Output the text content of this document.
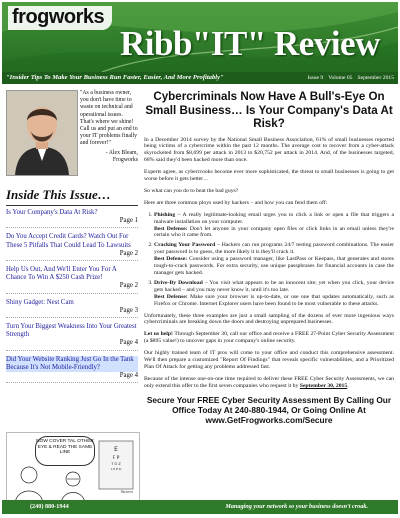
frogworks
Ribb"IT" Review
"Insider Tips To Make Your Business Run Faster, Easier, And More Profitably"	Issue 9 Volume 05 September 2015
"As a business owner, you don't have time to waste on technical and operational issues. That's where we shine! Call us and put an end to your IT problems finally and forever!"
- Alex Bleam,
Frogworks
Inside This Issue…
Is Your Company's Data At Risk?
Page 1
Do You Accept Credit Cards? Watch Out For These 5 Pitfalls That Could Lead To Lawsuits
Page 2
Help Us Out, And We'll Enter You For A Chance To Win A $250 Cash Prize!
Page 2
Shiny Gadget: Nest Cam
Page 3
Turn Your Biggest Weakness Into Your Greatest Strength
Page 4
Did Your Website Ranking Just Go In the Tank Because It's Not Mobile-Friendly?
Page 4
E
F P
T O Z
L P E D
NOW COVER TAL OTHER EYE & READ THE SAME LINE
Stivers
Cybercriminals Now Have A Bull's-Eye On Small Business… Is Your Company's Data At Risk?

In a December 2014 survey by the National Small Business Association, 61% of small businesses reported being victims of a cybercrime within the past 12 months. The average cost to recover from a cyber-attack skyrocketed from $8,699 per attack in 2013 to $20,752 per attack in 2014. And, of the businesses targeted, 68% said they'd been hacked more than once.

Experts agree, as cybercrooks become ever more sophisticated, the threat to small businesses is going to get worse before it gets better…

So what can you do to beat the bad guys?

Here are three common ploys used by hackers – and how you can fend them off:

1. Phishing – A really legitimate-looking email urges you to click a link or open a file that triggers a malware installation on your computer.
Best Defense: Don't let anyone in your company open files or click links in an email unless they're certain who it came from.
2. Cracking Your Password – Hackers can run programs 24/7 testing password combinations. The easier your password is to guess, the more likely it is they'll crack it.
Best Defense: Consider using a password manager, like LastPass or Keepass, that generates and stores tough-to-crack passwords. For extra security, use unique passphrases for financial accounts in case the manager gets hacked.
3. Drive-By Download – You visit what appears to be an innocent site; yet when you click, your device gets hacked – and you may never know it, until it's too late.
Best Defense: Make sure your browser is up-to-date, or use one that updates automatically, such as Firefox or Chrome. Internet Explorer users have been found to be most vulnerable to these attacks.

Unfortunately, these three examples are just a small sampling of the dozens of ever more ingenious ways cybercriminals are breaking down the doors and destroying unprepared businesses.

Let us help! Through September 30, call our office and receive a FREE 27-Point Cyber Security Assessment (a $895 value!) to uncover gaps in your company's online security.

Our highly trained team of IT pros will come to your office and conduct this comprehensive assessment. We'll then prepare a customized "Report Of Findings" that reveals specific vulnerabilities, and a Prioritized Plan Of Attack for getting any problems addressed fast.

Because of the intense one-on-one time required to deliver these FREE Cyber Security Assessments, we can only extend this offer to the first seven companies who request it by September 30, 2015.

Secure Your FREE Cyber Security Assessment By Calling Our Office Today At 240-880-1944, Or Going Online At www.GetFrogworks.com/Secure
(240) 880-1944	Managing your network so your business doesn't croak.
